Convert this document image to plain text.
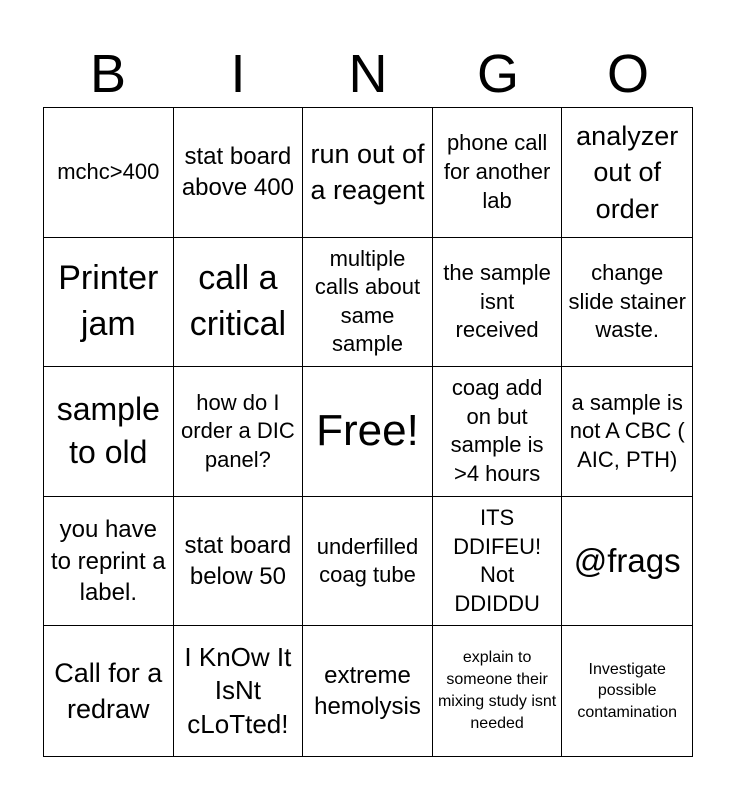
B	I	N	G	O
mchc>400
stat board above 400
run out of a reagent
phone call for another lab
analyzer out of order
Printer jam
call a critical
multiple calls about same sample
the sample isnt received
change slide stainer waste.
sample to old
how do I order a DIC panel?
Free!
coag add on but sample is >4 hours
a sample is not A CBC ( AIC, PTH)
you have to reprint a label.
stat board below 50
underfilled coag tube
ITS DDIFEU! Not DDIDDU
@frags
Call for a redraw
I KnOw It IsNt cLoTted!
extreme hemolysis
explain to someone their mixing study isnt needed
Investigate possible contamination
